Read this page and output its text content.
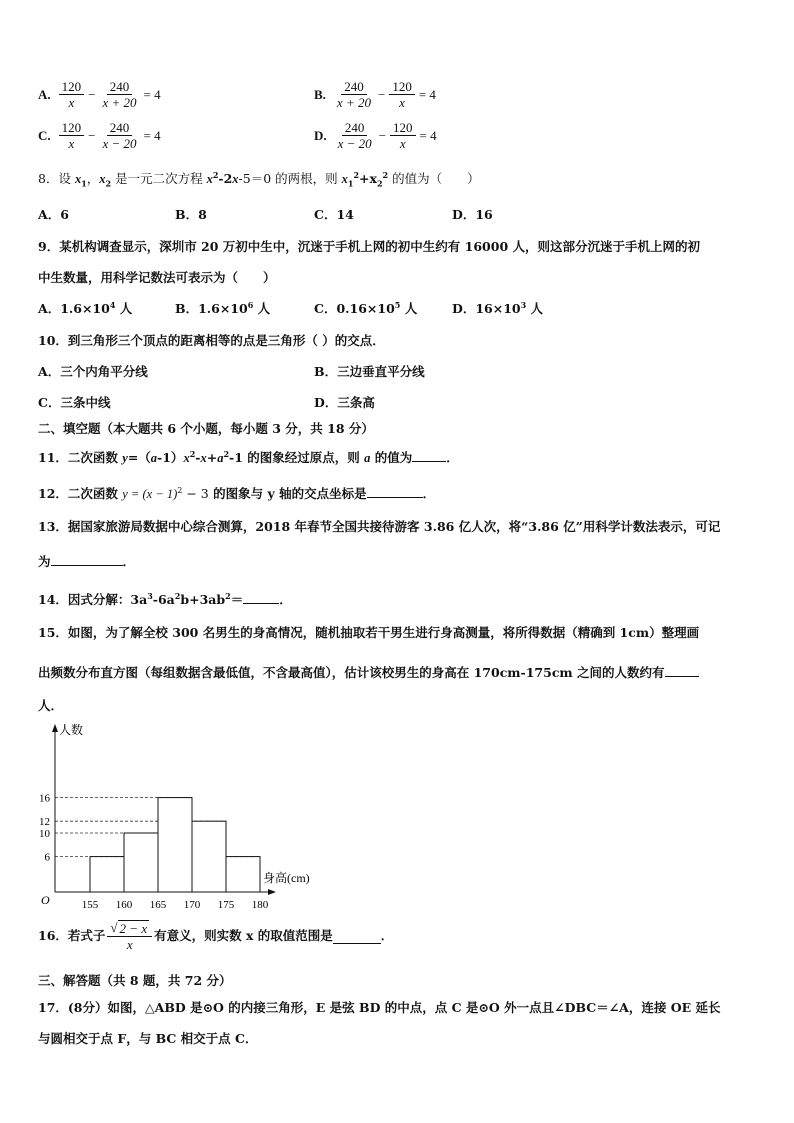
A. $\frac{120}{x} - \frac{240}{x + 20} = 4$	B. $\frac{240}{x + 20} - \frac{120}{x} = 4$
C. $\frac{120}{x} - \frac{240}{x - 20} = 4$	D. $\frac{240}{x - 20} - \frac{120}{x} = 4$
8．设 $x_1$，$x_2$ 是一元二次方程 $x^2-2x-5=0$ 的两根，则 $x_1^2+x_2^2$ 的值为（　　）
A．6	B．8	C．14	D．16
9．某机构调查显示，深圳市 20 万初中生中，沉迷于手机上网的初中生约有 16000 人，则这部分沉迷于手机上网的初
中生数量，用科学记数法可表示为（　　）
A．$1.6\times 10^4$ 人	B．$1.6\times 10^6$ 人	C．$0.16\times 10^5$ 人	D．$16\times 10^3$ 人
10．到三角形三个顶点的距离相等的点是三角形（ ）的交点．
A．三个内角平分线	B．三边垂直平分线
C．三条中线	D．三条高
二、填空题（本大题共 6 个小题，每小题 3 分，共 18 分）
11．二次函数 $y=(a-1)x^2-x+a^2-1$ 的图象经过原点，则 a 的值为	．
12．二次函数 $y = (x - 1)^2 - 3$ 的图象与 y 轴的交点坐标是	．
13．据国家旅游局数据中心综合测算，2018 年春节全国共接待游客 3.86 亿人次，将“3.86 亿”用科学计数法表示，可记
为	．
14．因式分解：$3a^3-6a^2b+3ab^2=$	．
15．如图，为了解全校 300 名男生的身高情况，随机抽取若干男生进行身高测量，将所得数据（精确到 1cm）整理画
出频数分布直方图（每组数据含最低值，不含最高值），估计该校男生的身高在 170cm-175cm 之间的人数约有
人．
6
10
12
16
人数
身高(cm)
O	155 160 165 170 175 180
16．若式子 $\frac{√ 2 - x}{x}$ 有意义，则实数 x 的取值范围是	．
三、解答题（共 8 题，共 72 分）
17．(8分）如图，△ABD 是⊙O 的内接三角形，E 是弦 BD 的中点，点 C 是⊙O 外一点且∠DBC＝∠A，连接 OE 延长
与圆相交于点 F，与 BC 相交于点 C．
